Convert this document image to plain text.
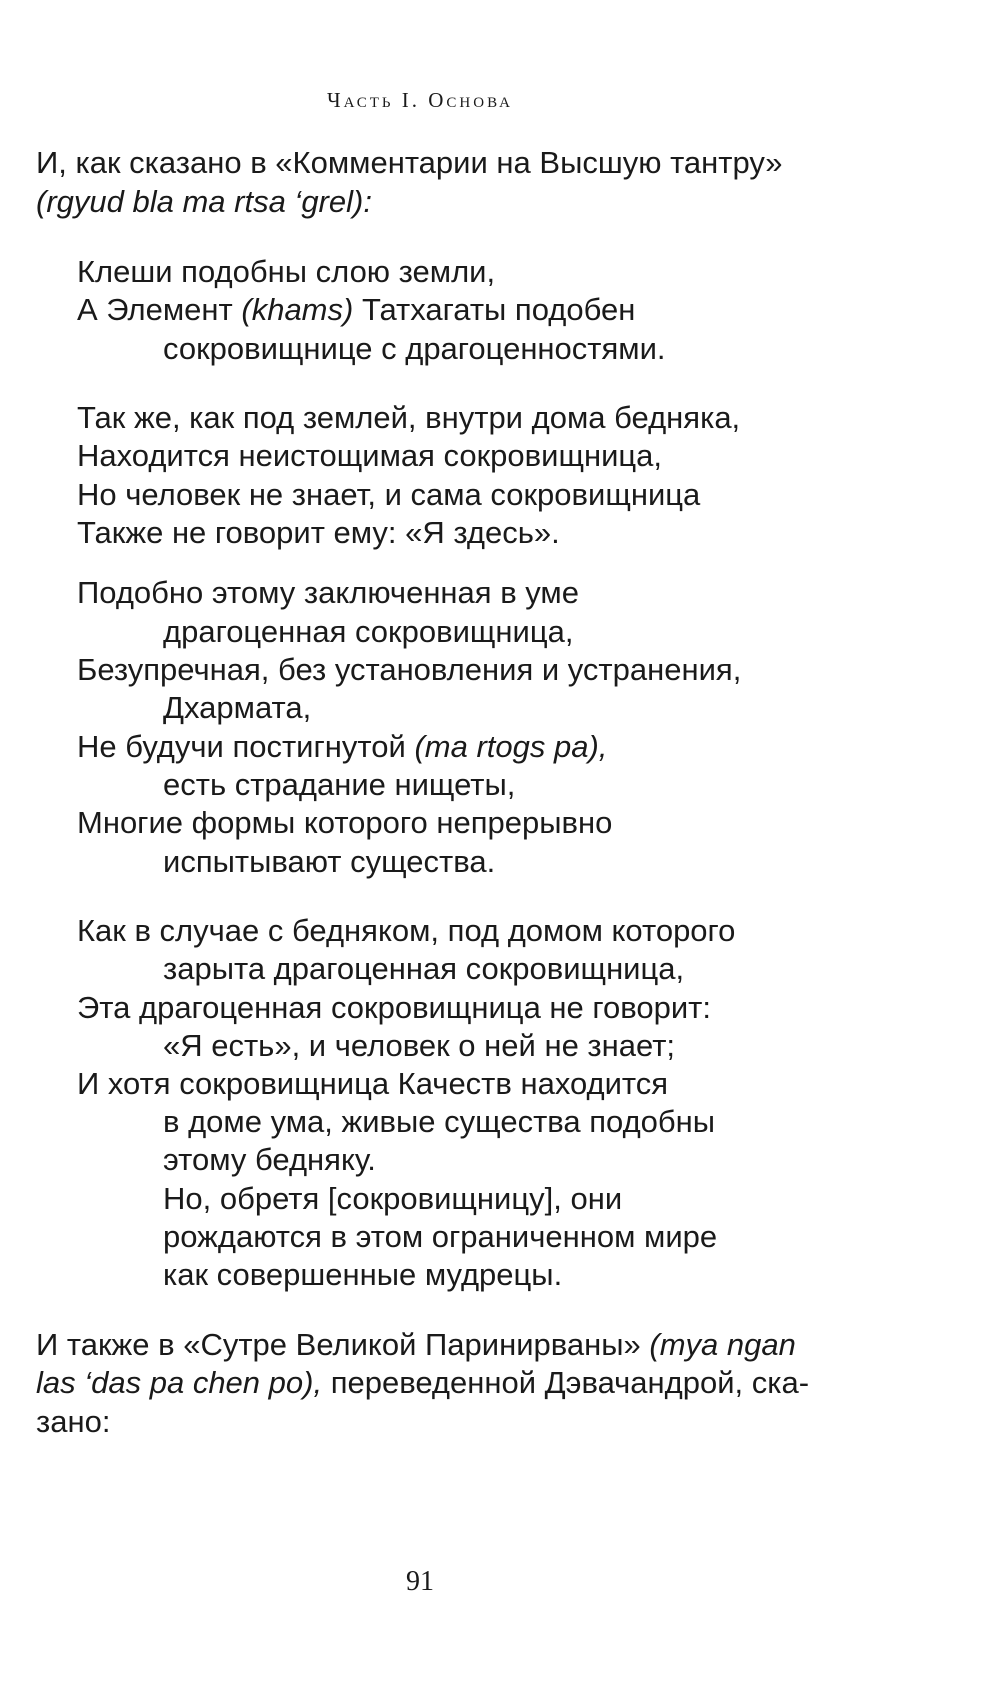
Часть I. Основа
И, как сказано в «Комментарии на Высшую тантру»
(rgyud bla ma rtsa ‘grel):
Клеши подобны слою земли,
А Элемент (khams) Татхагаты подобен
сокровищнице с драгоценностями.
Так же, как под землей, внутри дома бедняка,
Находится неистощимая сокровищница,
Но человек не знает, и сама сокровищница
Также не говорит ему: «Я здесь».
Подобно этому заключенная в уме
драгоценная сокровищница,
Безупречная, без установления и устранения,
Дхармата,
Не будучи постигнутой (ma rtogs pa),
есть страдание нищеты,
Многие формы которого непрерывно
испытывают существа.
Как в случае с бедняком, под домом которого
зарыта драгоценная сокровищница,
Эта драгоценная сокровищница не говорит:
«Я есть», и человек о ней не знает;
И хотя сокровищница Качеств находится
в доме ума, живые существа подобны
этому бедняку.
Но, обретя [сокровищницу], они
рождаются в этом ограниченном мире
как совершенные мудрецы.
И также в «Сутре Великой Паринирваны» (mya ngan
las ‘das pa chen po), переведенной Дэвачандрой, ска-
зано:
91
